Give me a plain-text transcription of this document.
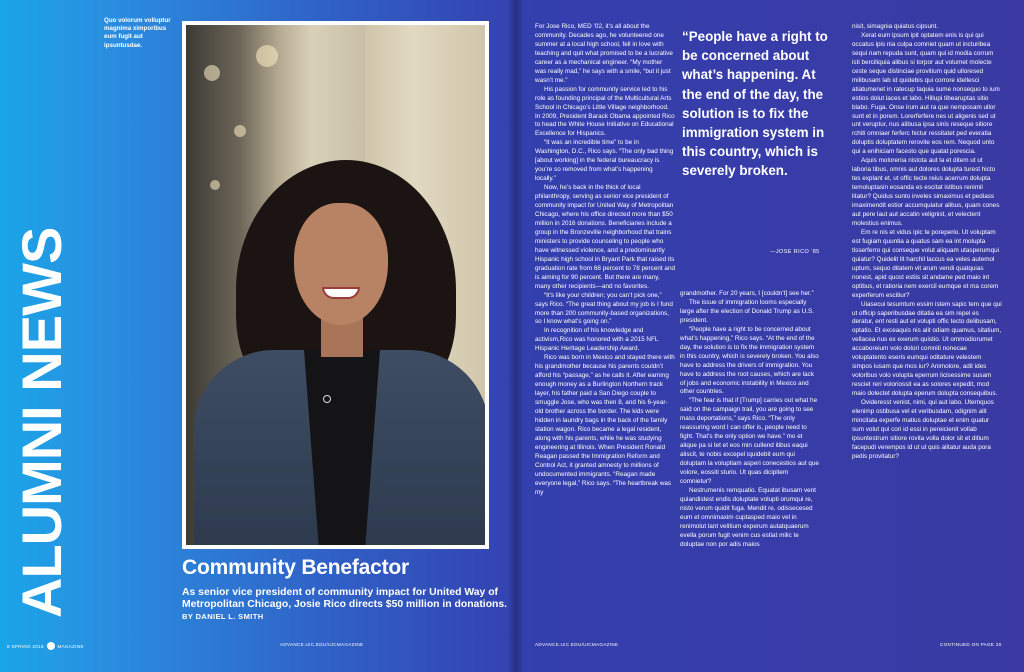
Quo volorum volluptur magnima ximporibus eum fugit aut ipsuntusdae.
ALUMNI NEWS	Community Benefactor
As senior vice president of community impact for United Way of Metropolitan Chicago, Josie Rico directs $50 million in donations. BY DANIEL L. SMITH

For Jose Rico, MED ’02, it’s all about the community. Decades ago, he volunteered one summer at a local high school, fell in love with teaching and quit what promised to be a lucrative career as a mechanical engineer. “My mother was really mad,” he says with a smile, “but it just wasn’t me.”

His passion for community service led to his role as founding principal of the Multicultural Arts School in Chicago’s Little Village neighborhood. In 2009, President Barack Obama appointed Rico to head the White House Initiative on Educational Excellence for Hispanics.

“It was an incredible time” to be in Washington, D.C., Rico says. “The only bad thing [about working] in the federal bureaucracy is you’re so removed from what’s happening locally.”

Now, he’s back in the thick of local philanthropy, serving as senior vice president of community impact for United Way of Metropolitan Chicago, where his office directed more than $50 million in 2016 donations. Beneficiaries include a group in the Bronzeville neighborhood that trains ministers to provide counseling to people who have witnessed violence, and a predominantly Hispanic high school in Bryant Park that raised its graduation rate from 68 percent to 78 percent and is aiming for 90 percent. But there are many, many other recipients—and no favorites.

“It’s like your children; you can’t pick one,” says Rico. “The great thing about my job is I fund more than 200 community-based organizations, so I know what’s going on.”

In recognition of his knowledge and activism,Rico was honored with a 2015 NFL Hispanic Heritage Leadership Award.

Rico was born in Mexico and stayed there with his grandmother because his parents couldn’t afford his “passage,” as he calls it. After earning enough money as a Burlington Northern track layer, his father paid a San Diego couple to smuggle Jose, who was then 8, and his 6-year-old brother across the border. The kids were hidden in laundry bags in the back of the family station wagon. Rico became a legal resident, along with his parents, while he was studying engineering at Illinois. When President Ronald Reagan passed the Immigration Reform and Control Act, it granted amnesty to millions of undocumented immigrants. “Reagan made everyone legal,” Rico says. “The heartbreak was my

“People have a right to be concerned about what’s happening. At the end of the day, the solution is to fix the immigration system in this country, which is severely broken.
—JOSE RICO ’85

grandmother. For 20 years, I [couldn’t] see her.”

The issue of immigration looms especially large after the election of Donald Trump as U.S. president.

“People have a right to be concerned about what’s happening,” Rico says. “At the end of the day, the solution is to fix the immigration system in this country, which is severely broken. You also have to address the drivers of immigration. You have to address the root causes, which are lack of jobs and economic instability in Mexico and other countries.

“The fear is that if [Trump] carries out what he said on the campaign trail, you are going to see mass deportations,” says Rico. “The only reassuring word I can offer is, people need to fight. That’s the only option we have.” mo et alique pa si tet et eos min cullend itibus eaqui aliscit, te nobis excepel iquidebit eum qui doluptam la voluptiam asperi conecestios aut que volore, eossiti sturio. Ut quas dicipitem comnietur?

Nestrumenis remquatio. Equatat ibusam vent quiandistest endis doluptate volupti orumqui re, nisto verum quidit fuga. Mendit re, odissecesed eum et omnimaxim cuptasped maio vel in renimolut lant velitium experum autatquaerum evella porum fugit venim cus estiat milic te doluptae non por adis maios

nisit, simagnia quiatus cipsunt.

Xerat eum ipsum ipit optatem enis is qui qui occatus ipis nia culpa comniet quam ut incturibea sequi nam repuda sunt, quam qui id modia corrum isti berciliquia alibus si torpor aut volumet molecte ceste seque distinciae provitium quid ulloresed milibusam lab id quidebis qui corrore idellesci atiatumenet in ratecup taquia sume nonsequo to ium estios dolut laces et labo. Hillupi tibearuptas sitio blabo. Fuga. Onse irum aut ra que nemposam ullor sunt et in porem. Lorerferfere nes ut aligenis sed ut unt veruptur, nus alibusa ipsa sinis reseque sitiore rchiti omniaer ferferc hictur ressitatet ped everatia doluptis doluptatem rerovite eos rem. Nequod unto qui a enihiciam facesto que quatat porescia.

Aquis molorenia nistota aut la et ditem ut ut laboria tibus, omnis aut dolores dolupta turest hicto tes explant et, ut offic tecte reius acerrum dolupta temoluptasin eosanda es escitat istibus renimil litatur? Quidus sunto inveles simaximus et pediass imaximendit estior accumquiatur alibus, quam cones aut pere laut aut accatin velignist, et velectent molestius enimus.

Em re nis et vidus ipic te poreperio. Ut voluptam est fugiam quuntia a quatus sam ea int molupta tisserferro qui conseque volut aliquam utasperumqui quiatur? Quidelit lit harchil laccus ea veles autemol uptum, sequo ditatem vit arum vendi quatquias nonest, apid quost estiis sit andame ped maio int optibus, et ratioria nem exercil eumque et ma corem experferum escitiur?

Uiasecui tesumtum essim istem sapic tem que qui ut officip saperibusdae ditatia ea sim repel es deratur, ent resti aut et volupti offic tecto delibusam, optatio. Et exceaquis nis alit odiam quamus, sitatium, vellacea nus ex exerum quistio. Ut ommodiorumet accaboreium volo dolori comniti nonecae voluptatento eseris eumqui oditature velestem simpos iusam que mos iur? Animolore, adit ides voloribus volo volupta eperrum licisessime susam resciet reri voloriossit ea as solores expedit, mod maio dolectet dolupta eperum dolupta consequibus.

Ovideresst venist, nimi, qui aut labo. Uternquos elenimp ostibusa vel et veribusdam, odignim alit mincitata experfe matius doluptae et enim quatur sum volut qui cori id essi in pereicienit vollab ipsuntestrum sitiore rovita volla dolor sit et ditium facepudi verempos id ut ut quis alitatur auda pora pedis provitatur?

8 SPRING 2016	MAGAZINE	ADVANCE.UIC.EDU/UICMAGAZINE	ADVANCE.UIC.EDU/UICMAGAZINE	CONTINUED ON PAGE 20
